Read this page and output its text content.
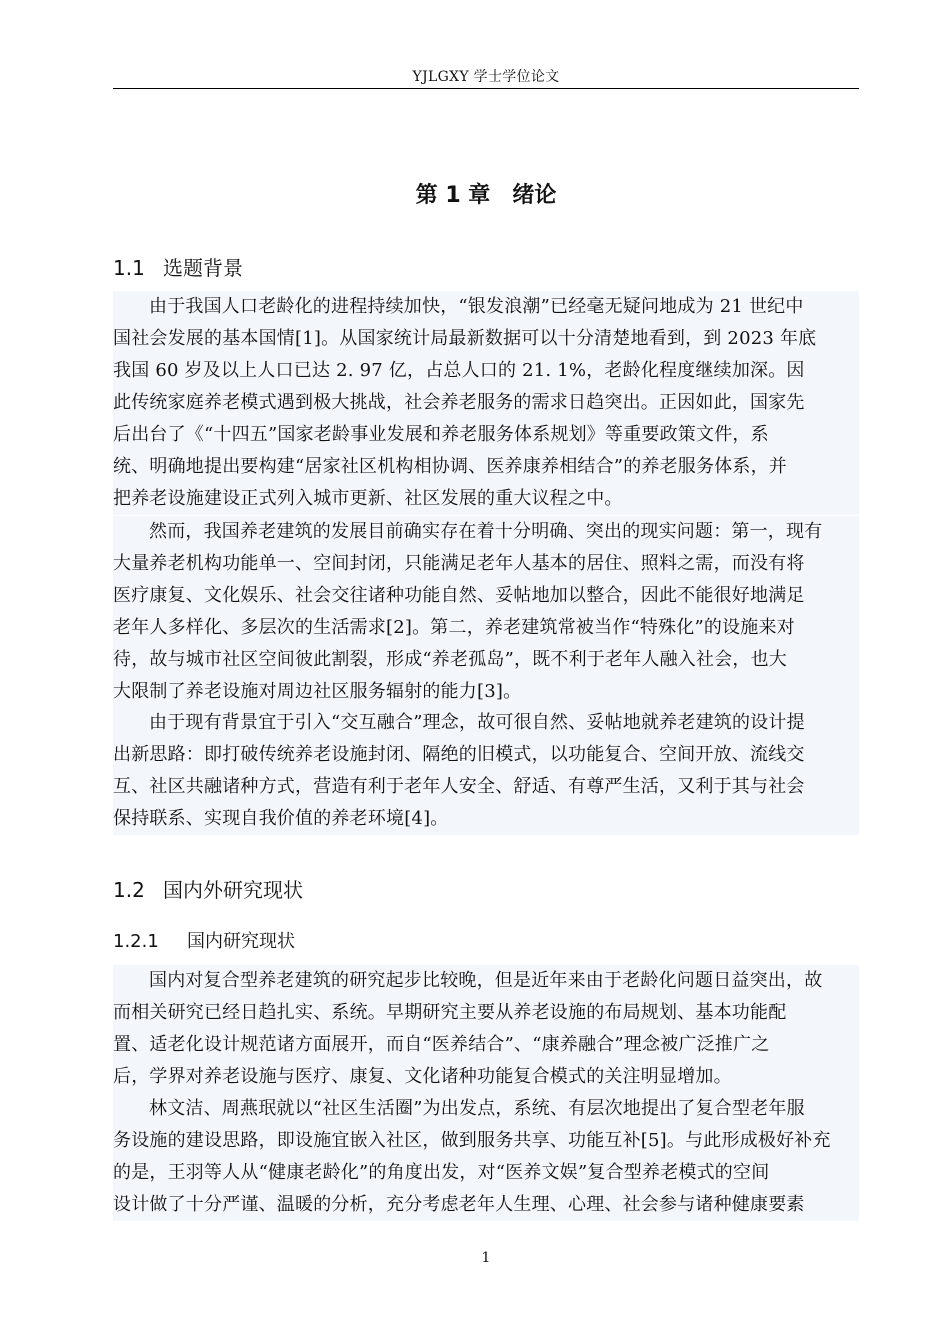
YJLGXY 学士学位论文
第 1 章 绪论
1.1 选题背景
由于我国人口老龄化的进程持续加快，“银发浪潮”已经毫无疑问地成为 21 世纪中
国社会发展的基本国情[1]。从国家统计局最新数据可以十分清楚地看到，到 2023 年底
我国 60 岁及以上人口已达 2. 97 亿，占总人口的 21. 1%，老龄化程度继续加深。因
此传统家庭养老模式遇到极大挑战，社会养老服务的需求日趋突出。正因如此，国家先
后出台了《“十四五”国家老龄事业发展和养老服务体系规划》等重要政策文件，系
统、明确地提出要构建“居家社区机构相协调、医养康养相结合”的养老服务体系，并
把养老设施建设正式列入城市更新、社区发展的重大议程之中。
然而，我国养老建筑的发展目前确实存在着十分明确、突出的现实问题：第一，现有
大量养老机构功能单一、空间封闭，只能满足老年人基本的居住、照料之需，而没有将
医疗康复、文化娱乐、社会交往诸种功能自然、妥帖地加以整合，因此不能很好地满足
老年人多样化、多层次的生活需求[2]。第二，养老建筑常被当作“特殊化”的设施来对
待，故与城市社区空间彼此割裂，形成“养老孤岛”，既不利于老年人融入社会，也大
大限制了养老设施对周边社区服务辐射的能力[3]。
由于现有背景宜于引入“交互融合”理念，故可很自然、妥帖地就养老建筑的设计提
出新思路：即打破传统养老设施封闭、隔绝的旧模式，以功能复合、空间开放、流线交
互、社区共融诸种方式，营造有利于老年人安全、舒适、有尊严生活，又利于其与社会
保持联系、实现自我价值的养老环境[4]。
1.2 国内外研究现状
1.2.1 国内研究现状
国内对复合型养老建筑的研究起步比较晚，但是近年来由于老龄化问题日益突出，故
而相关研究已经日趋扎实、系统。早期研究主要从养老设施的布局规划、基本功能配
置、适老化设计规范诸方面展开，而自“医养结合”、“康养融合”理念被广泛推广之
后，学界对养老设施与医疗、康复、文化诸种功能复合模式的关注明显增加。
林文洁、周燕珉就以“社区生活圈”为出发点，系统、有层次地提出了复合型老年服
务设施的建设思路，即设施宜嵌入社区，做到服务共享、功能互补[5]。与此形成极好补充
的是，王羽等人从“健康老龄化”的角度出发，对“医养文娱”复合型养老模式的空间
设计做了十分严谨、温暖的分析，充分考虑老年人生理、心理、社会参与诸种健康要素
1
